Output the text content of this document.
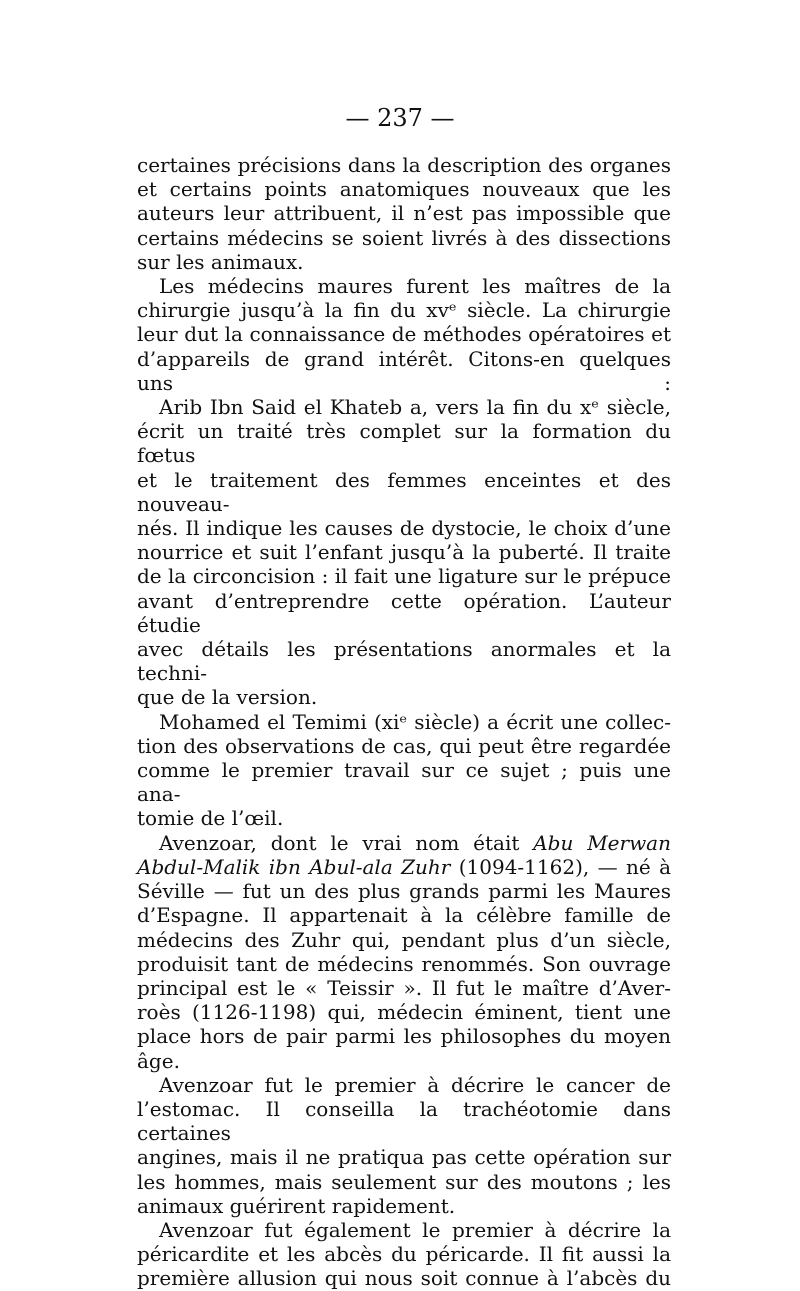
— 237 —
certaines précisions dans la description des organes
et certains points anatomiques nouveaux que les
auteurs leur attribuent, il n’est pas impossible que
certains médecins se soient livrés à des dissections
sur les animaux.
Les médecins maures furent les maîtres de la
chirurgie jusqu’à la fin du xvᵉ siècle. La chirurgie
leur dut la connaissance de méthodes opératoires et
d’appareils de grand intérêt. Citons-en quelques uns :
Arib Ibn Said el Khateb a, vers la fin du xᵉ siècle,
écrit un traité très complet sur la formation du fœtus
et le traitement des femmes enceintes et des nouveau-
nés. Il indique les causes de dystocie, le choix d’une
nourrice et suit l’enfant jusqu’à la puberté. Il traite
de la circoncision : il fait une ligature sur le prépuce
avant d’entreprendre cette opération. L’auteur étudie
avec détails les présentations anormales et la techni-
que de la version.
Mohamed el Temimi (xiᵉ siècle) a écrit une collec-
tion des observations de cas, qui peut être regardée
comme le premier travail sur ce sujet ; puis une ana-
tomie de l’œil.
Avenzoar, dont le vrai nom était Abu Merwan
Abdul-Malik ibn Abul-ala Zuhr (1094-1162), — né à
Séville — fut un des plus grands parmi les Maures
d’Espagne. Il appartenait à la célèbre famille de
médecins des Zuhr qui, pendant plus d’un siècle,
produisit tant de médecins renommés. Son ouvrage
principal est le « Teissir ». Il fut le maître d’Aver-
roès (1126-1198) qui, médecin éminent, tient une
place hors de pair parmi les philosophes du moyen
âge.
Avenzoar fut le premier à décrire le cancer de
l’estomac. Il conseilla la trachéotomie dans certaines
angines, mais il ne pratiqua pas cette opération sur
les hommes, mais seulement sur des moutons ; les
animaux guérirent rapidement.
Avenzoar fut également le premier à décrire la
péricardite et les abcès du péricarde. Il fit aussi la
première allusion qui nous soit connue à l’abcès du
